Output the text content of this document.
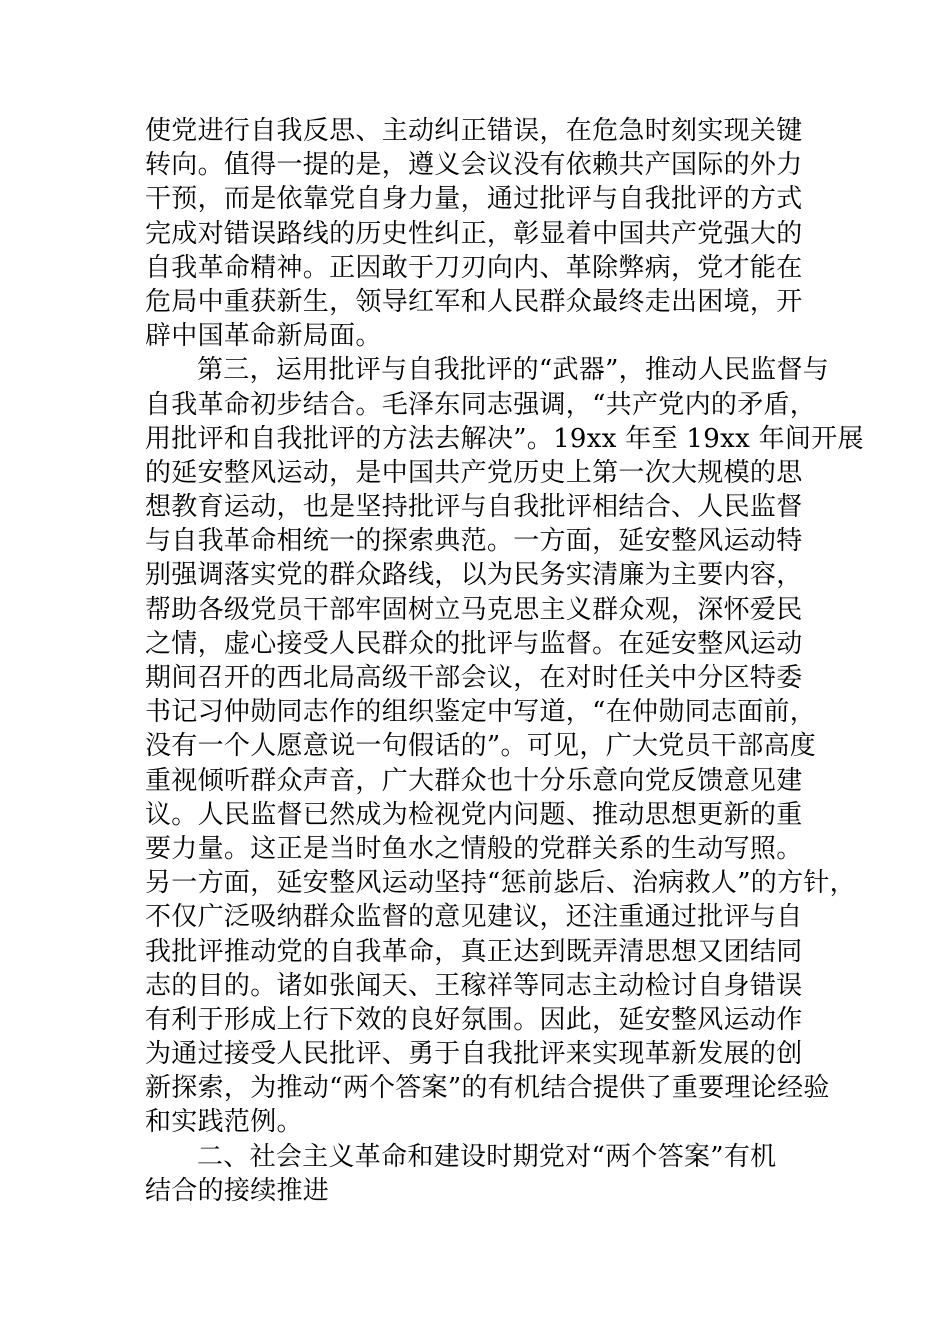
使党进行自我反思、主动纠正错误，在危急时刻实现关键
转向。值得一提的是，遵义会议没有依赖共产国际的外力
干预，而是依靠党自身力量，通过批评与自我批评的方式
完成对错误路线的历史性纠正，彰显着中国共产党强大的
自我革命精神。正因敢于刀刃向内、革除弊病，党才能在
危局中重获新生，领导红军和人民群众最终走出困境，开
辟中国革命新局面。
第三，运用批评与自我批评的“武器”，推动人民监督与
自我革命初步结合。毛泽东同志强调，“共产党内的矛盾，
用批评和自我批评的方法去解决”。19xx 年至 19xx 年间开展
的延安整风运动，是中国共产党历史上第一次大规模的思
想教育运动，也是坚持批评与自我批评相结合、人民监督
与自我革命相统一的探索典范。一方面，延安整风运动特
别强调落实党的群众路线，以为民务实清廉为主要内容，
帮助各级党员干部牢固树立马克思主义群众观，深怀爱民
之情，虚心接受人民群众的批评与监督。在延安整风运动
期间召开的西北局高级干部会议，在对时任关中分区特委
书记习仲勋同志作的组织鉴定中写道，“在仲勋同志面前，
没有一个人愿意说一句假话的”。可见，广大党员干部高度
重视倾听群众声音，广大群众也十分乐意向党反馈意见建
议。人民监督已然成为检视党内问题、推动思想更新的重
要力量。这正是当时鱼水之情般的党群关系的生动写照。
另一方面，延安整风运动坚持“惩前毖后、治病救人”的方针，
不仅广泛吸纳群众监督的意见建议，还注重通过批评与自
我批评推动党的自我革命，真正达到既弄清思想又团结同
志的目的。诸如张闻天、王稼祥等同志主动检讨自身错误
有利于形成上行下效的良好氛围。因此，延安整风运动作
为通过接受人民批评、勇于自我批评来实现革新发展的创
新探索，为推动“两个答案”的有机结合提供了重要理论经验
和实践范例。
二、社会主义革命和建设时期党对“两个答案”有机
结合的接续推进
